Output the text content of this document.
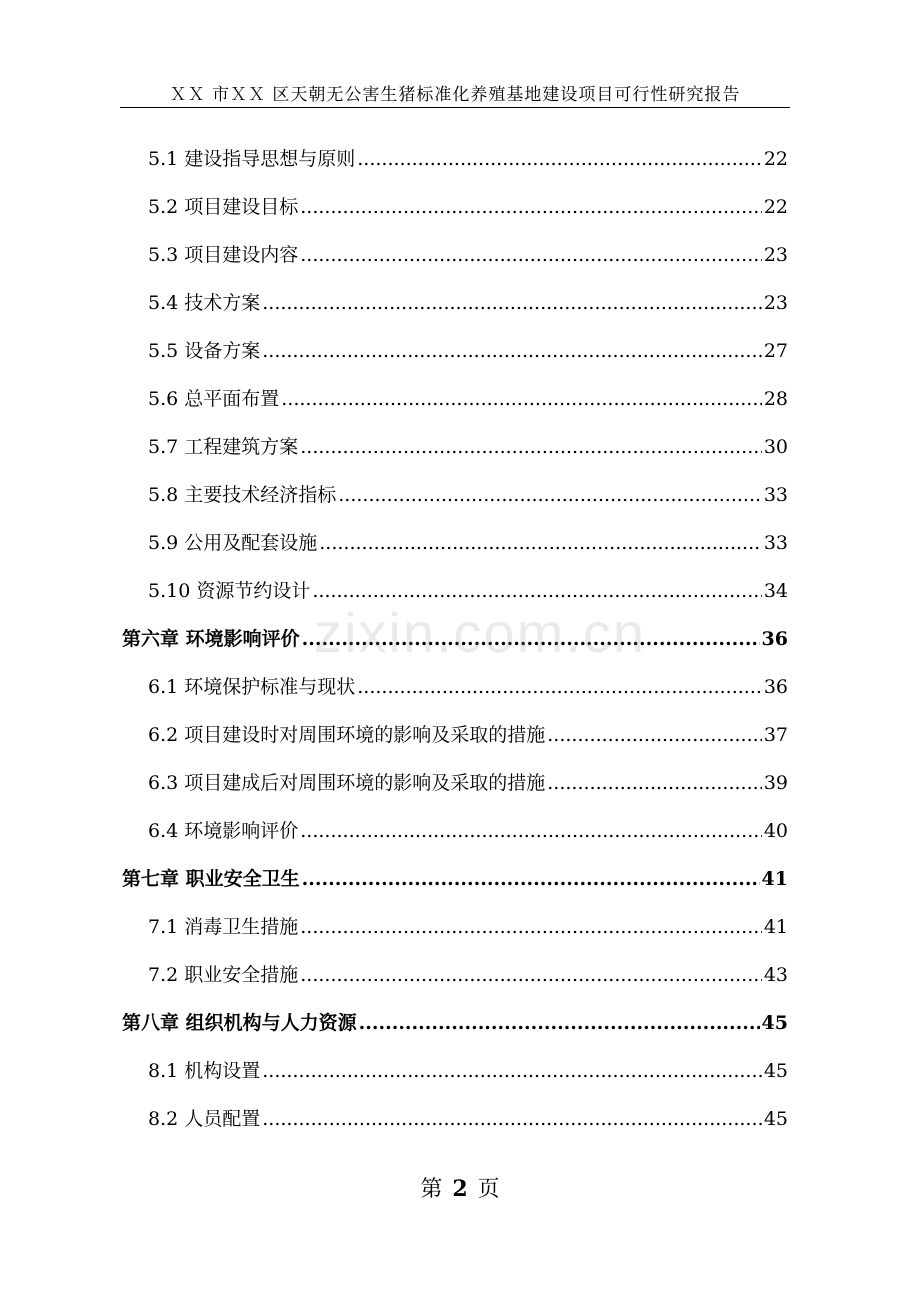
ＸＸ 市ＸＸ 区天朝无公害生猪标准化养殖基地建设项目可行性研究报告
5.1 建设指导思想与原则 .....	22
5.2 项目建设目标 .....	22
5.3 项目建设内容 .....	23
5.4 技术方案 .....	23
5.5 设备方案 .....	27
5.6 总平面布置 .....	28
5.7 工程建筑方案 .....	30
5.8 主要技术经济指标 .....	33
5.9 公用及配套设施 .....	33
5.10 资源节约设计 .....	34
第六章 环境影响评价 .....	36
6.1 环境保护标准与现状 .....	36
6.2 项目建设时对周围环境的影响及采取的措施 .....	37
6.3 项目建成后对周围环境的影响及采取的措施 .....	39
6.4 环境影响评价 .....	40
第七章 职业安全卫生 .....	41
7.1 消毒卫生措施 .....	41
7.2 职业安全措施 .....	43
第八章 组织机构与人力资源 .....	45
8.1 机构设置 .....	45
8.2 人员配置 .....	45
zixin.com.cn
第 2 页
